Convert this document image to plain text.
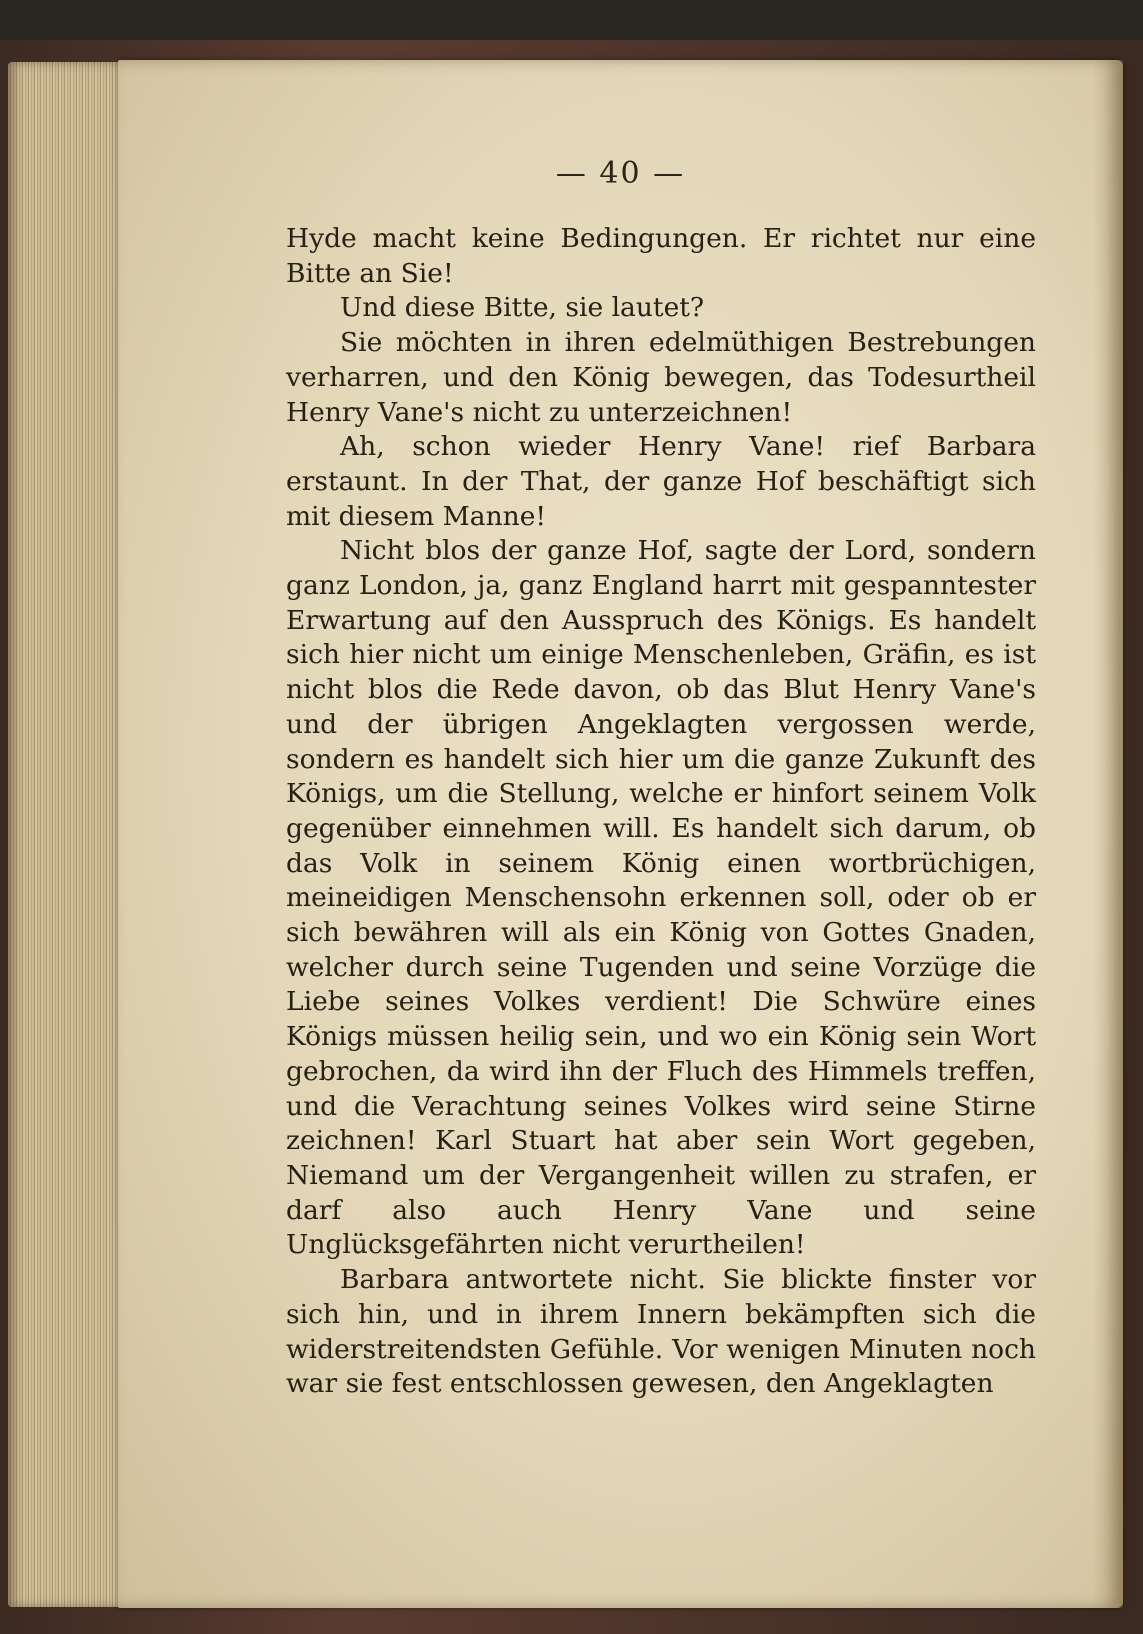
— 40 —

Hyde macht keine Bedingungen. Er richtet nur eine Bitte an Sie!

Und diese Bitte, sie lautet?

Sie möchten in ihren edelmüthigen Bestrebungen verharren, und den König bewegen, das Todesurtheil Henry Vane's nicht zu unterzeichnen!

Ah, schon wieder Henry Vane! rief Barbara erstaunt. In der That, der ganze Hof beschäftigt sich mit diesem Manne!

Nicht blos der ganze Hof, sagte der Lord, sondern ganz London, ja, ganz England harrt mit gespanntester Erwartung auf den Ausspruch des Königs. Es handelt sich hier nicht um einige Menschenleben, Gräfin, es ist nicht blos die Rede davon, ob das Blut Henry Vane's und der übrigen Angeklagten vergossen werde, sondern es handelt sich hier um die ganze Zukunft des Königs, um die Stellung, welche er hinfort seinem Volk gegenüber einnehmen will. Es handelt sich darum, ob das Volk in seinem König einen wortbrüchigen, meineidigen Menschensohn erkennen soll, oder ob er sich bewähren will als ein König von Gottes Gnaden, welcher durch seine Tugenden und seine Vorzüge die Liebe seines Volkes verdient! Die Schwüre eines Königs müssen heilig sein, und wo ein König sein Wort gebrochen, da wird ihn der Fluch des Himmels treffen, und die Verachtung seines Volkes wird seine Stirne zeichnen! Karl Stuart hat aber sein Wort gegeben, Niemand um der Vergangenheit willen zu strafen, er darf also auch Henry Vane und seine Unglücksgefährten nicht verurtheilen!

Barbara antwortete nicht. Sie blickte finster vor sich hin, und in ihrem Innern bekämpften sich die widerstreitendsten Gefühle. Vor wenigen Minuten noch war sie fest entschlossen gewesen, den Angeklagten
